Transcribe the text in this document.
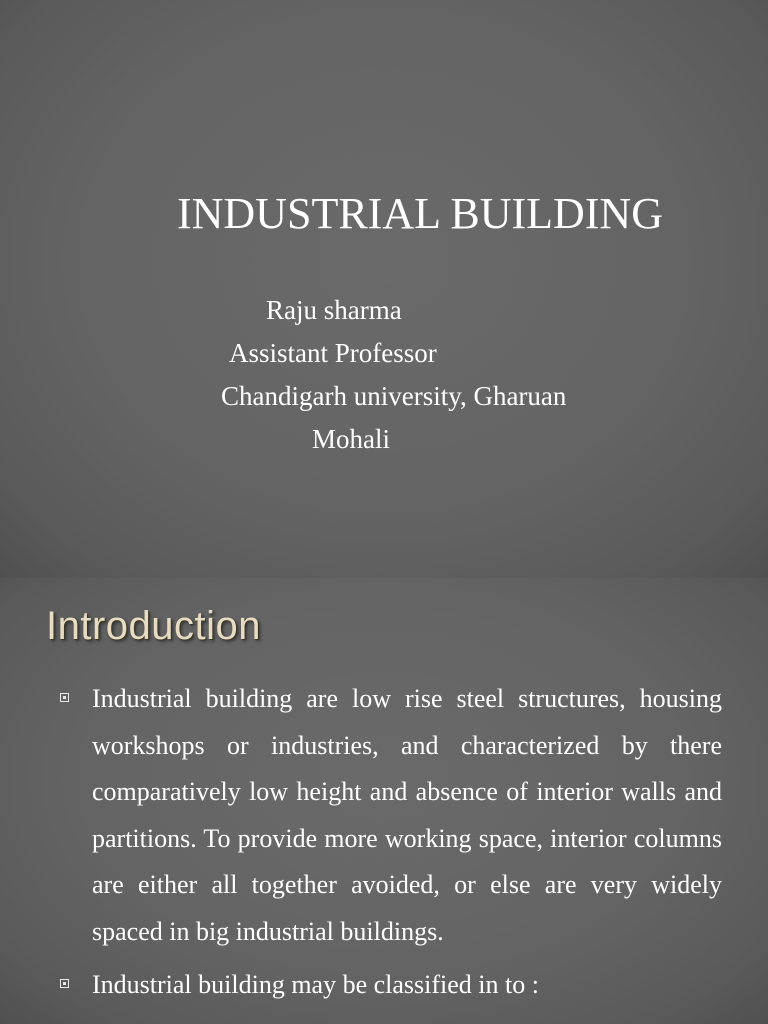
INDUSTRIAL BUILDING

Raju sharma

Assistant Professor

Chandigarh university, Gharuan

Mohali

Introduction
Industrial building are low rise steel structures, housing workshops or industries, and characterized by there comparatively low height and absence of interior walls and partitions. To provide more working space, interior columns are either all together avoided, or else are very widely spaced in big industrial buildings.
Industrial building may be classified in to :
